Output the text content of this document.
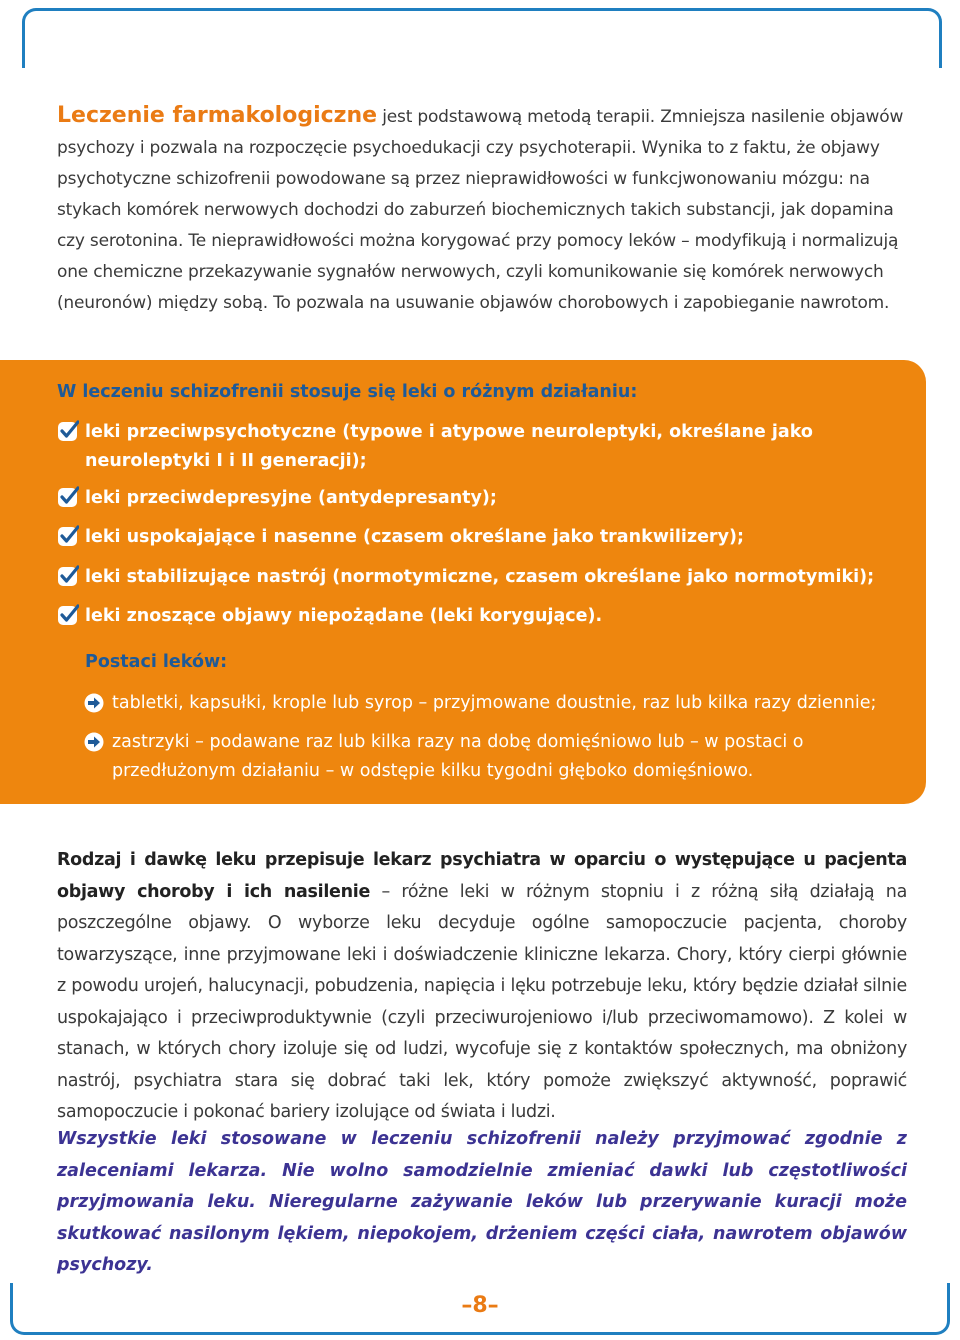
Leczenie farmakologiczne jest podstawową metodą terapii. Zmniejsza nasilenie objawów psychozy i pozwala na rozpoczęcie psychoedukacji czy psychoterapii. Wynika to z faktu, że objawy psychotyczne schizofrenii powodowane są przez nieprawidłowości w funkcjwonowaniu mózgu: na stykach komórek nerwowych dochodzi do zaburzeń biochemicznych takich substancji, jak dopamina czy serotonina. Te nieprawidłowości można korygować przy pomocy leków – modyfikują i normalizują one chemiczne przekazywanie sygnałów nerwowych, czyli komunikowanie się komórek nerwowych (neuronów) między sobą. To pozwala na usuwanie objawów chorobowych i zapobieganie nawrotom.
W leczeniu schizofrenii stosuje się leki o różnym działaniu:
leki przeciwpsychotyczne (typowe i atypowe neuroleptyki, określane jako neuroleptyki I i II generacji);
leki przeciwdepresyjne (antydepresanty);
leki uspokajające i nasenne (czasem określane jako trankwilizery);
leki stabilizujące nastrój (normotymiczne, czasem określane jako normotymiki);
leki znoszące objawy niepożądane (leki korygujące).
Postaci leków:
tabletki, kapsułki, krople lub syrop – przyjmowane doustnie, raz lub kilka razy dziennie;
zastrzyki – podawane raz lub kilka razy na dobę domięśniowo lub – w postaci o przedłużonym działaniu – w odstępie kilku tygodni głęboko domięśniowo.
Rodzaj i dawkę leku przepisuje lekarz psychiatra w oparciu o występujące u pacjenta objawy choroby i ich nasilenie – różne leki w różnym stopniu i z różną siłą działają na poszczególne objawy. O wyborze leku decyduje ogólne samopoczucie pacjenta, choroby towarzyszące, inne przyjmowane leki i doświadczenie kliniczne lekarza. Chory, który cierpi głównie z powodu urojeń, halucynacji, pobudzenia, napięcia i lęku potrzebuje leku, który będzie działał silnie uspokajająco i przeciwproduktywnie (czyli przeciwurojeniowo i/lub przeciwomamowo). Z kolei w stanach, w których chory izoluje się od ludzi, wycofuje się z kontaktów społecznych, ma obniżony nastrój, psychiatra stara się dobrać taki lek, który pomoże zwiększyć aktywność, poprawić samopoczucie i pokonać bariery izolujące od świata i ludzi.
Wszystkie leki stosowane w leczeniu schizofrenii należy przyjmować zgodnie z zaleceniami lekarza. Nie wolno samodzielnie zmieniać dawki lub częstotliwości przyjmowania leku. Nieregularne zażywanie leków lub przerywanie kuracji może skutkować nasilonym lękiem, niepokojem, drżeniem części ciała, nawrotem objawów psychozy.
–8–
